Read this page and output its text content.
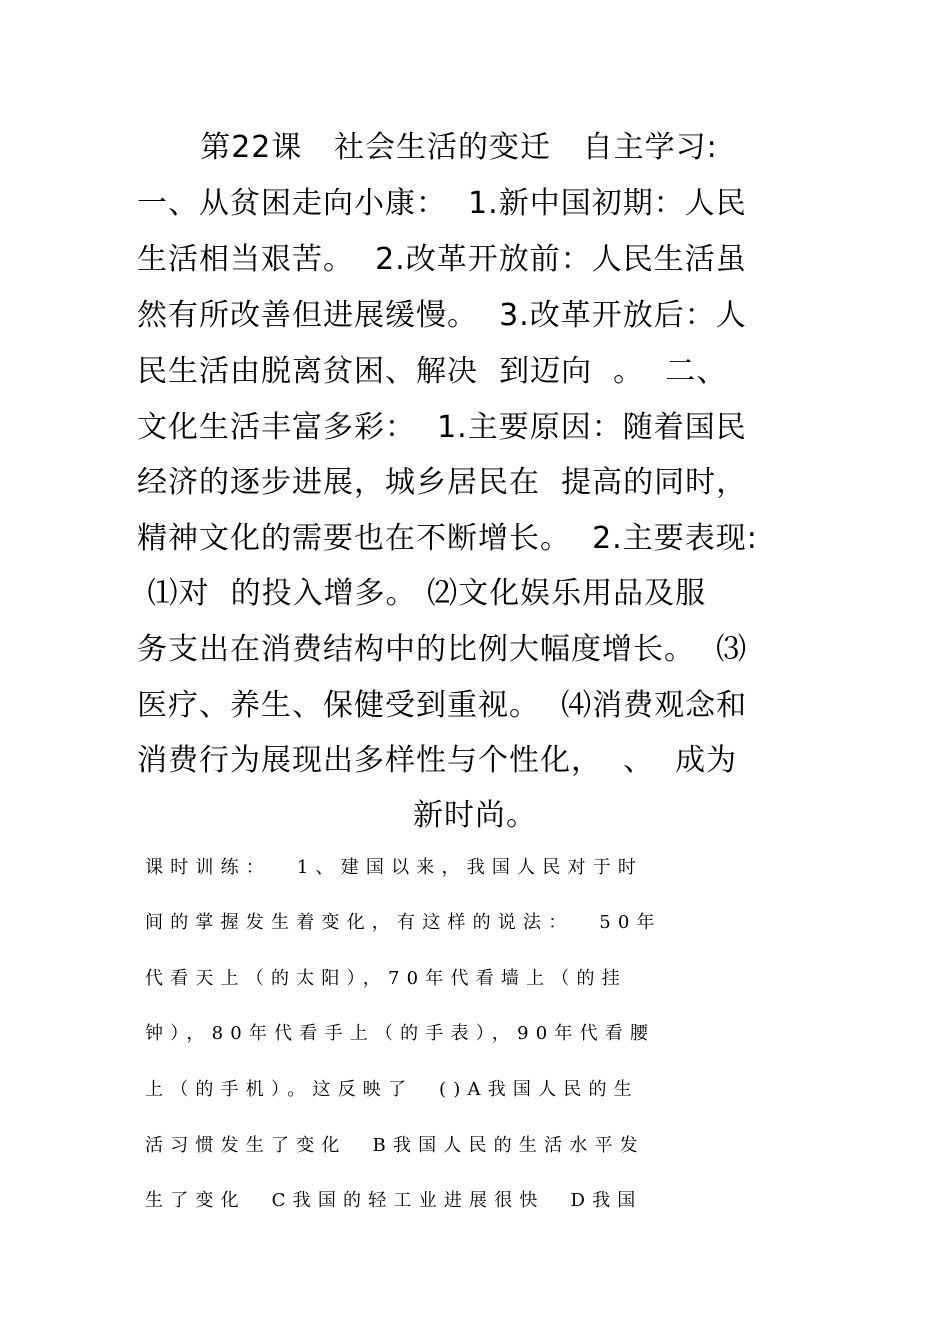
第22课   社会生活的变迁   自主学习:
一、从贫困走向小康：  1.新中国初期：人民
生活相当艰苦。  2.改革开放前：人民生活虽
然有所改善但进展缓慢。  3.改革开放后：人
民生活由脱离贫困、解决  到迈向  。  二、
文化生活丰富多彩：  1.主要原因：随着国民
经济的逐步进展，城乡居民在  提高的同时，
精神文化的需要也在不断增长。  2.主要表现:
⑴对  的投入增多。 ⑵文化娱乐用品及服
务支出在消费结构中的比例大幅度增长。  ⑶
医疗、养生、保健受到重视。  ⑷消费观念和
消费行为展现出多样性与个性化，  、  成为
新时尚。
课时训练：  1、建国以来，我国人民对于时
间的掌握发生着变化，有这样的说法：  50年
代看天上（的太阳），70年代看墙上（的挂
钟），80年代看手上（的手表），90年代看腰
上（的手机）。这反映了  ()A我国人民的生
活习惯发生了变化  B我国人民的生活水平发
生了变化  C我国的轻工业进展很快  D我国
